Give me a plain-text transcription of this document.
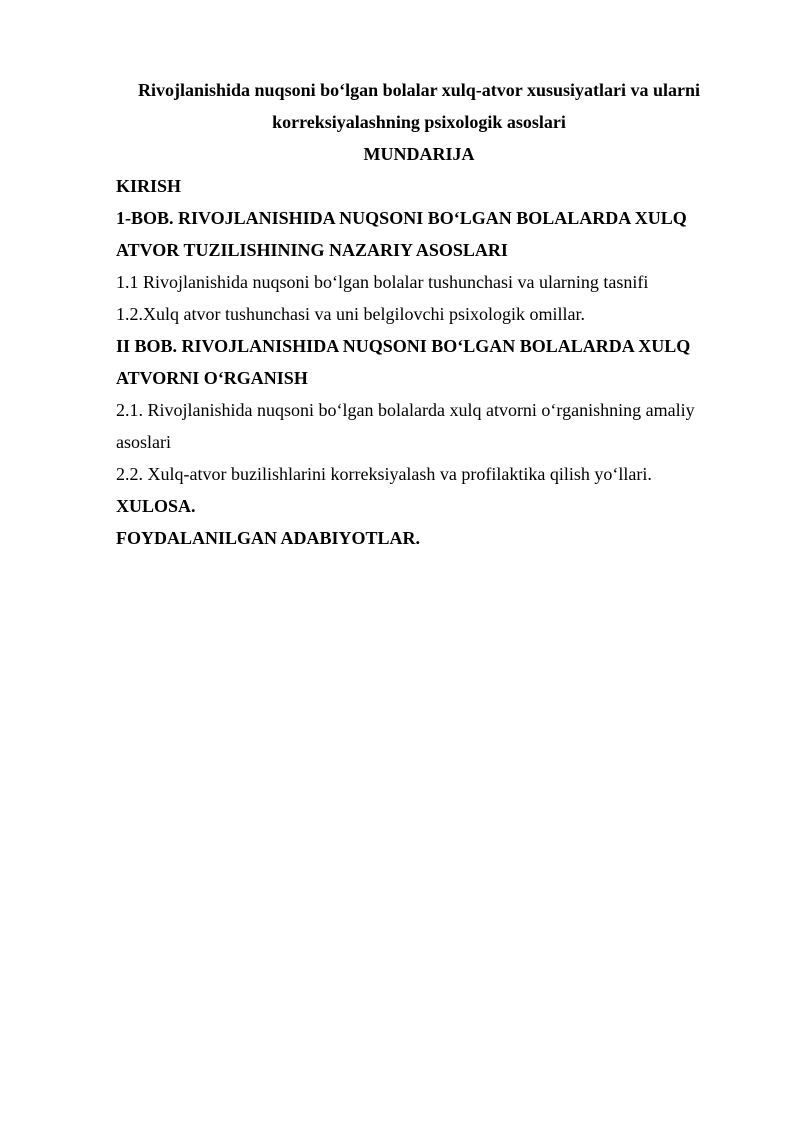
Rivojlanishida nuqsoni bo‘lgan bolalar xulq-atvor xususiyatlari va ularni korreksiyalashning psixologik asoslari
MUNDARIJA
KIRISH
1-BOB. RIVOJLANISHIDA NUQSONI BO‘LGAN BOLALARDA XULQ ATVOR TUZILISHINING NAZARIY ASOSLARI
1.1 Rivojlanishida nuqsoni bo‘lgan bolalar tushunchasi va ularning tasnifi
1.2.Xulq atvor tushunchasi va uni belgilovchi psixologik omillar.
II BOB. RIVOJLANISHIDA NUQSONI BO‘LGAN BOLALARDA XULQ ATVORNI O‘RGANISH
2.1. Rivojlanishida nuqsoni bo‘lgan bolalarda xulq atvorni o‘rganishning amaliy asoslari
2.2. Xulq-atvor buzilishlarini korreksiyalash va profilaktika qilish yo‘llari.
XULOSA.
FOYDALANILGAN ADABIYOTLAR.
